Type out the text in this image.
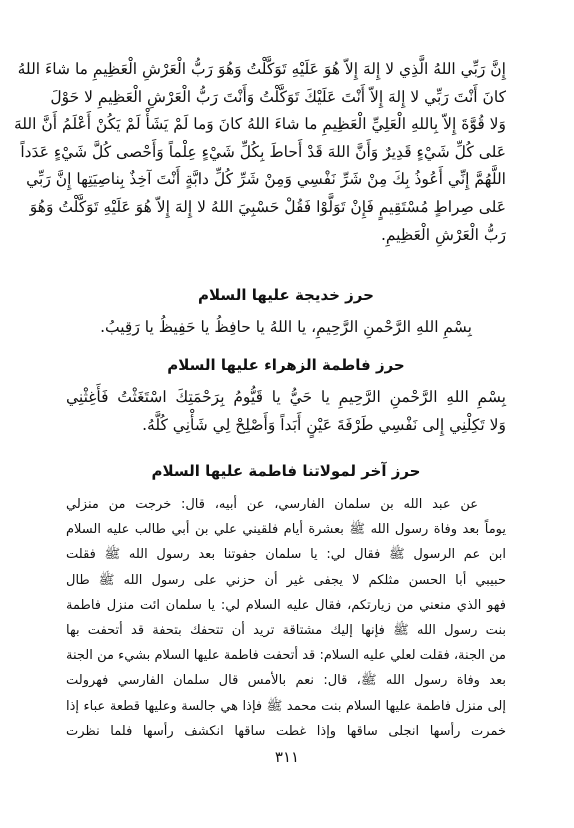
إِنَّ رَبِّي اللهُ الَّذِي لا إِلهَ إِلاّ هُوَ عَلَيْهِ تَوَكَّلْتُ وَهُوَ رَبُّ الْعَرْشِ الْعَظِيمِ ما شاءَ اللهُ
كانَ أَنْتَ رَبِّي لا إِلهَ إِلاّ أَنْتَ عَلَيْكَ تَوَكَّلْتُ وَأَنْتَ رَبُّ الْعَرْشِ الْعَظِيمِ لا حَوْلَ
وَلا قُوَّةَ إِلاّ بِاللهِ الْعَلِيِّ الْعَظِيمِ ما شاءَ اللهُ كانَ وَما لَمْ يَشَأْ لَمْ يَكُنْ أَعْلَمُ أَنَّ اللهَ
عَلى كُلِّ شَيْءٍ قَدِيرٌ وَأَنَّ اللهَ قَدْ أَحاطَ بِكُلِّ شَيْءٍ عِلْماً وَأَحْصى كُلَّ شَيْءٍ عَدَداً
اللَّهُمَّ إِنِّي أَعُوذُ بِكَ مِنْ شَرِّ نَفْسِي وَمِنْ شَرِّ كُلِّ دابَّةٍ أَنْتَ آخِذٌ بِناصِيَتِها إِنَّ رَبِّي
عَلى صِراطٍ مُسْتَقِيمٍ فَإِنْ تَوَلَّوْا فَقُلْ حَسْبِيَ اللهُ لا إِلهَ إِلاّ هُوَ عَلَيْهِ تَوَكَّلْتُ وَهُوَ
رَبُّ الْعَرْشِ الْعَظِيمِ.
حرز خديجة عليها السلام
بِسْمِ اللهِ الرَّحْمنِ الرَّحِيمِ، يا اللهُ يا حافِظُ يا حَفِيظُ يا رَقِيبُ.
حرز فاطمة الزهراء عليها السلام
بِسْمِ اللهِ الرَّحْمنِ الرَّحِيمِ يا حَيُّ يا قَيُّومُ بِرَحْمَتِكَ اسْتَغَثْتُ فَأَغِثْنِي
وَلا تَكِلْنِي إِلى نَفْسِي طَرْفَةَ عَيْنٍ أَبَداً وَأَصْلِحْ لِي شَأْنِي كُلَّهُ.
حرز آخر لمولاتنا فاطمة عليها السلام
عن عبد الله بن سلمان الفارسي، عن أبيه، قال: خرجت من منزلي
يوماً بعد وفاة رسول الله ﷺ بعشرة أيام فلقيني علي بن أبي طالب عليه السلام
ابن عم الرسول ﷺ فقال لي: يا سلمان جفوتنا بعد رسول الله ﷺ فقلت
حبيبي أبا الحسن مثلكم لا يجفى غير أن حزني على رسول الله ﷺ طال
فهو الذي منعني من زيارتكم، فقال عليه السلام لي: يا سلمان ائت منزل فاطمة
بنت رسول الله ﷺ فإنها إليك مشتاقة تريد أن تتحفك بتحفة قد أتحفت بها
من الجنة، فقلت لعلي عليه السلام: قد أتحفت فاطمة عليها السلام بشيء من الجنة
بعد وفاة رسول الله ﷺ، قال: نعم بالأمس قال سلمان الفارسي فهرولت
إلى منزل فاطمة عليها السلام بنت محمد ﷺ فإذا هي جالسة وعليها قطعة عباء إذا
خمرت رأسها انجلى ساقها وإذا غطت ساقها انكشف رأسها فلما نظرت
٣١١
